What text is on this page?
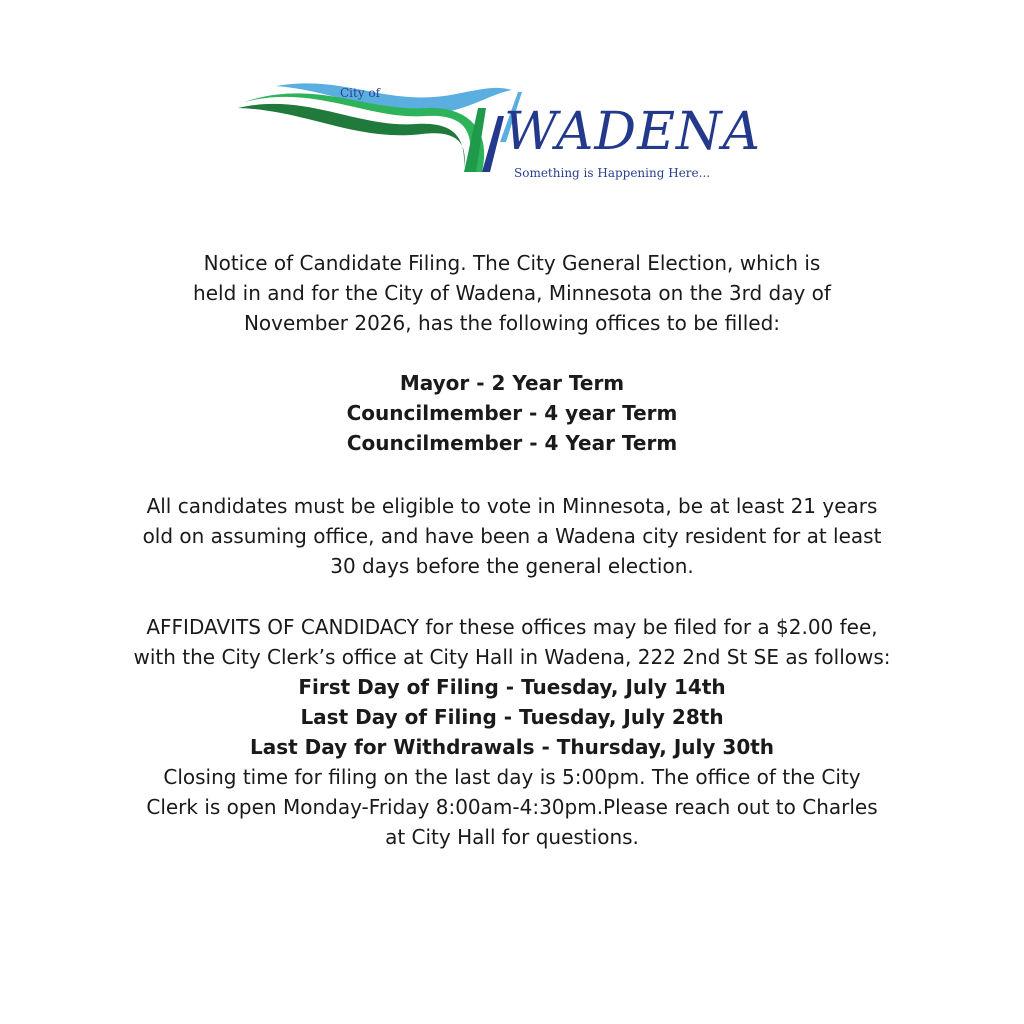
City of
WADENA
Something is Happening Here...

Notice of Candidate Filing. The City General Election, which is

held in and for the City of Wadena, Minnesota on the 3rd day of

November 2026, has the following offices to be filled:

Mayor - 2 Year Term

Councilmember - 4 year Term

Councilmember - 4 Year Term

All candidates must be eligible to vote in Minnesota, be at least 21 years

old on assuming office, and have been a Wadena city resident for at least

30 days before the general election.

AFFIDAVITS OF CANDIDACY for these offices may be filed for a $2.00 fee,

with the City Clerk’s office at City Hall in Wadena, 222 2nd St SE as follows:

First Day of Filing - Tuesday, July 14th

Last Day of Filing - Tuesday, July 28th

Last Day for Withdrawals - Thursday, July 30th

Closing time for filing on the last day is 5:00pm. The office of the City

Clerk is open Monday-Friday 8:00am-4:30pm.Please reach out to Charles

at City Hall for questions.
